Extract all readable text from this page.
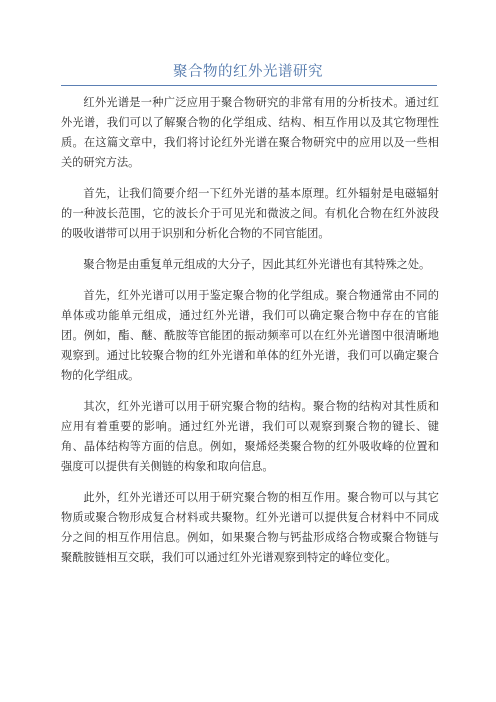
聚合物的红外光谱研究

红外光谱是一种广泛应用于聚合物研究的非常有用的分析技术。通过红外光谱，我们可以了解聚合物的化学组成、结构、相互作用以及其它物理性质。在这篇文章中，我们将讨论红外光谱在聚合物研究中的应用以及一些相关的研究方法。

首先，让我们简要介绍一下红外光谱的基本原理。红外辐射是电磁辐射的一种波长范围，它的波长介于可见光和微波之间。有机化合物在红外波段的吸收谱带可以用于识别和分析化合物的不同官能团。

聚合物是由重复单元组成的大分子，因此其红外光谱也有其特殊之处。

首先，红外光谱可以用于鉴定聚合物的化学组成。聚合物通常由不同的单体或功能单元组成，通过红外光谱，我们可以确定聚合物中存在的官能团。例如，酯、醚、酰胺等官能团的振动频率可以在红外光谱图中很清晰地观察到。通过比较聚合物的红外光谱和单体的红外光谱，我们可以确定聚合物的化学组成。

其次，红外光谱可以用于研究聚合物的结构。聚合物的结构对其性质和应用有着重要的影响。通过红外光谱，我们可以观察到聚合物的键长、键角、晶体结构等方面的信息。例如，聚烯烃类聚合物的红外吸收峰的位置和强度可以提供有关侧链的构象和取向信息。

此外，红外光谱还可以用于研究聚合物的相互作用。聚合物可以与其它物质或聚合物形成复合材料或共聚物。红外光谱可以提供复合材料中不同成分之间的相互作用信息。例如，如果聚合物与钙盐形成络合物或聚合物链与聚酰胺链相互交联，我们可以通过红外光谱观察到特定的峰位变化。
